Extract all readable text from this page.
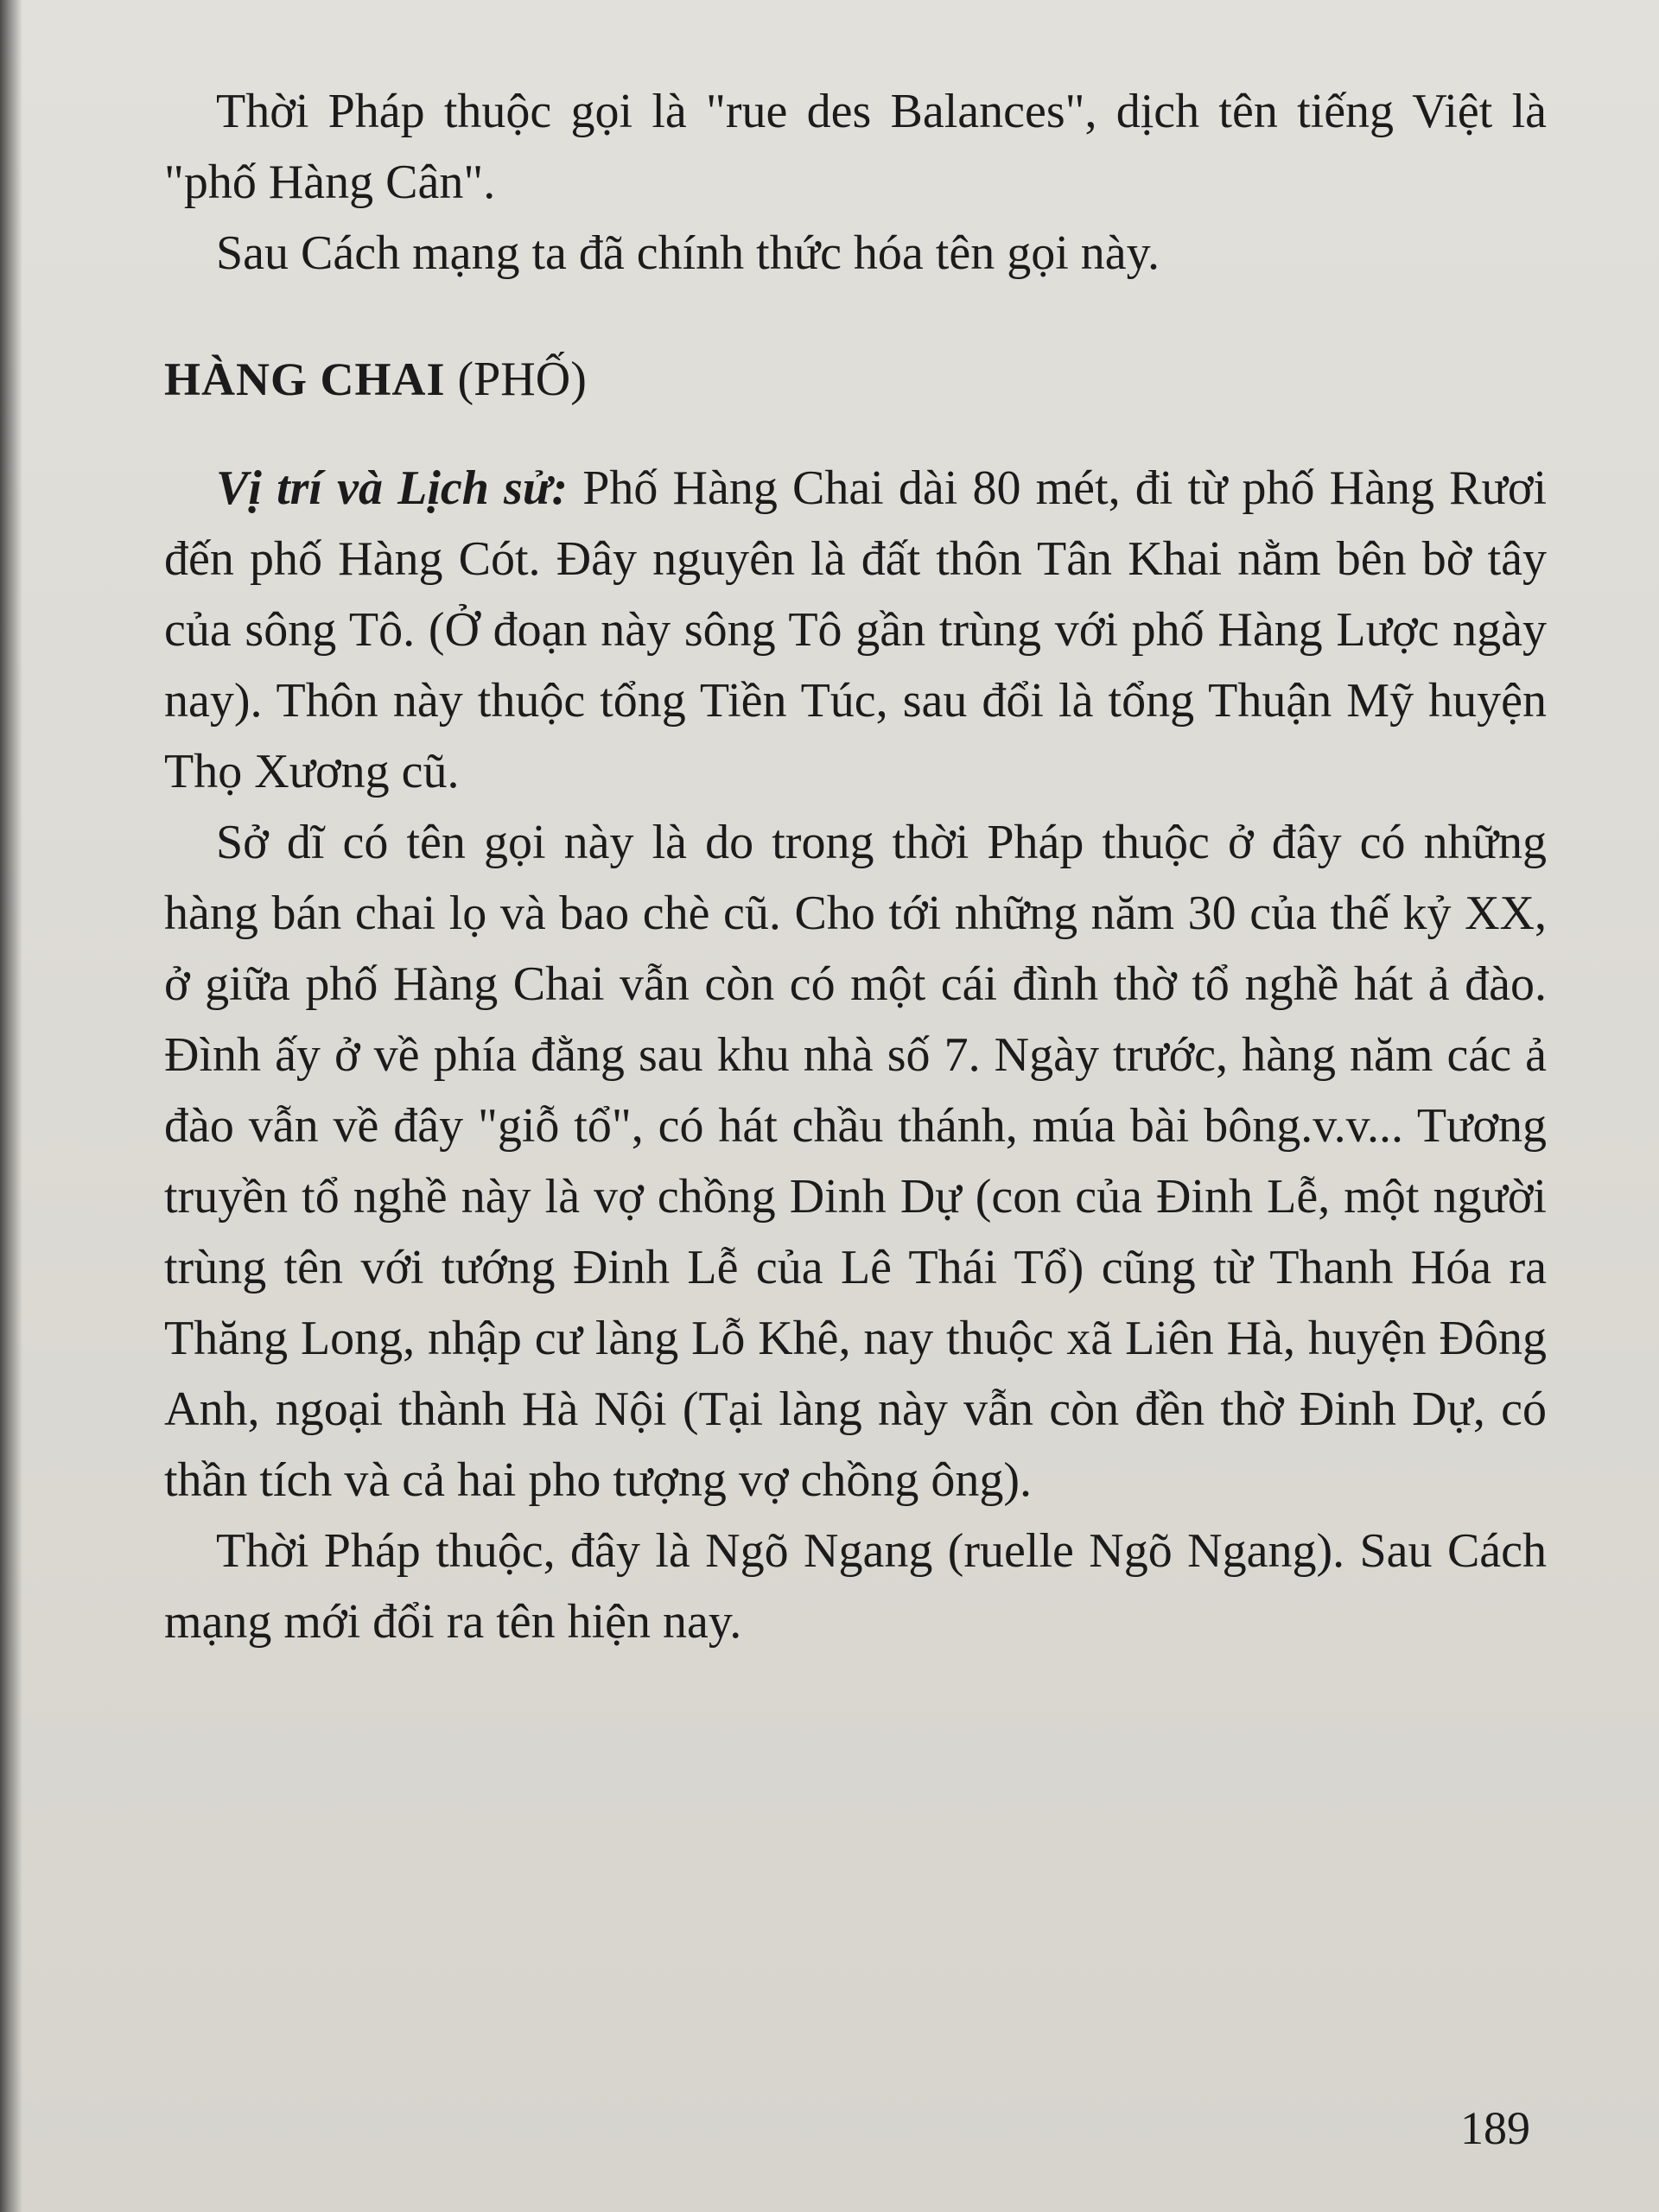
Thời Pháp thuộc gọi là "rue des Balances", dịch tên tiếng Việt là "phố Hàng Cân".

Sau Cách mạng ta đã chính thức hóa tên gọi này.

HÀNG CHAI (PHỐ)

Vị trí và Lịch sử: Phố Hàng Chai dài 80 mét, đi từ phố Hàng Rươi đến phố Hàng Cót. Đây nguyên là đất thôn Tân Khai nằm bên bờ tây của sông Tô. (Ở đoạn này sông Tô gần trùng với phố Hàng Lược ngày nay). Thôn này thuộc tổng Tiền Túc, sau đổi là tổng Thuận Mỹ huyện Thọ Xương cũ.

Sở dĩ có tên gọi này là do trong thời Pháp thuộc ở đây có những hàng bán chai lọ và bao chè cũ. Cho tới những năm 30 của thế kỷ XX, ở giữa phố Hàng Chai vẫn còn có một cái đình thờ tổ nghề hát ả đào. Đình ấy ở về phía đằng sau khu nhà số 7. Ngày trước, hàng năm các ả đào vẫn về đây "giỗ tổ", có hát chầu thánh, múa bài bông.v.v... Tương truyền tổ nghề này là vợ chồng Dinh Dự (con của Đinh Lễ, một người trùng tên với tướng Đinh Lễ của Lê Thái Tổ) cũng từ Thanh Hóa ra Thăng Long, nhập cư làng Lỗ Khê, nay thuộc xã Liên Hà, huyện Đông Anh, ngoại thành Hà Nội (Tại làng này vẫn còn đền thờ Đinh Dự, có thần tích và cả hai pho tượng vợ chồng ông).

Thời Pháp thuộc, đây là Ngõ Ngang (ruelle Ngõ Ngang). Sau Cách mạng mới đổi ra tên hiện nay.

189
